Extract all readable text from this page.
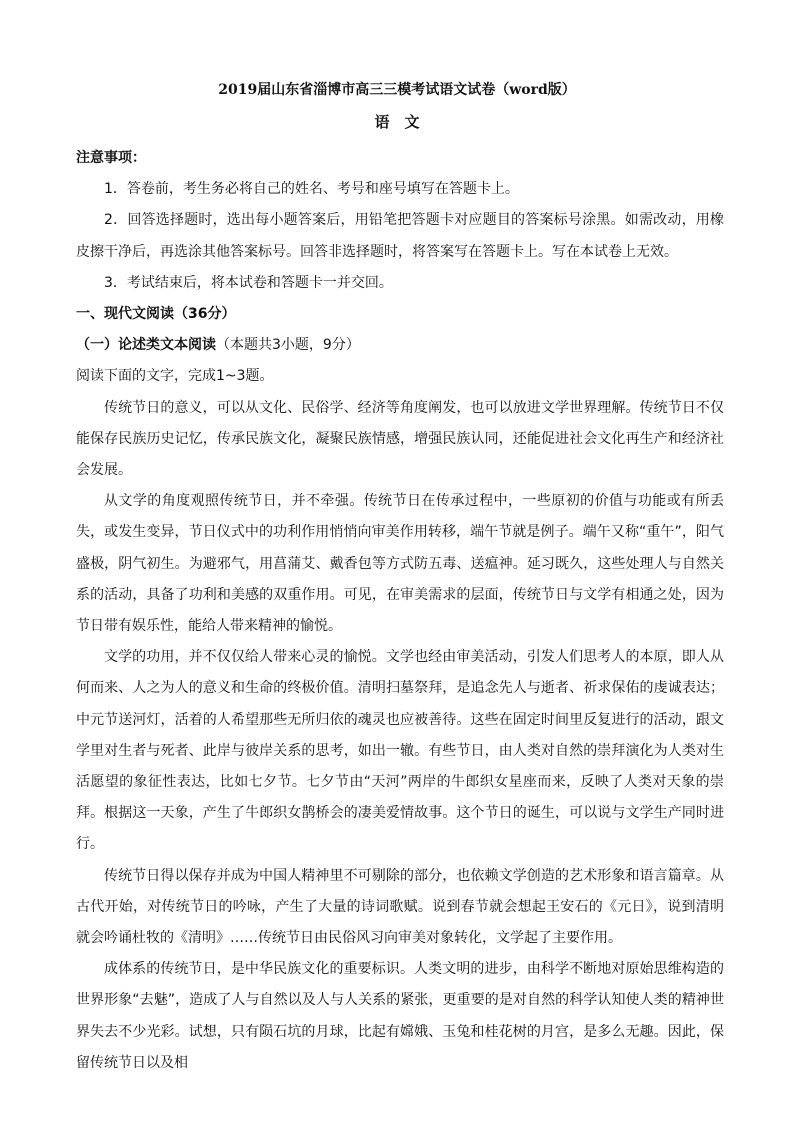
2019届山东省淄博市高三三模考试语文试卷（word版）
语　文

注意事项：

1．答卷前，考生务必将自己的姓名、考号和座号填写在答题卡上。

2．回答选择题时，选出每小题答案后，用铅笔把答题卡对应题目的答案标号涂黑。如需改动，用橡皮擦干净后，再选涂其他答案标号。回答非选择题时，将答案写在答题卡上。写在本试卷上无效。

3．考试结束后，将本试卷和答题卡一并交回。

一、现代文阅读（36分）

（一）论述类文本阅读（本题共3小题，9分）

阅读下面的文字，完成1~3题。

传统节日的意义，可以从文化、民俗学、经济等角度阐发，也可以放进文学世界理解。传统节日不仅能保存民族历史记忆，传承民族文化，凝聚民族情感，增强民族认同，还能促进社会文化再生产和经济社会发展。

从文学的角度观照传统节日，并不牵强。传统节日在传承过程中，一些原初的价值与功能或有所丢失，或发生变异，节日仪式中的功利作用悄悄向审美作用转移，端午节就是例子。端午又称“重午”，阳气盛极，阴气初生。为避邪气，用菖蒲艾、戴香包等方式防五毒、送瘟神。延习既久，这些处理人与自然关系的活动，具备了功利和美感的双重作用。可见，在审美需求的层面，传统节日与文学有相通之处，因为节日带有娱乐性，能给人带来精神的愉悦。

文学的功用，并不仅仅给人带来心灵的愉悦。文学也经由审美活动，引发人们思考人的本原，即人从何而来、人之为人的意义和生命的终极价值。清明扫墓祭拜，是追念先人与逝者、祈求保佑的虔诚表达；中元节送河灯，活着的人希望那些无所归依的魂灵也应被善待。这些在固定时间里反复进行的活动，跟文学里对生者与死者、此岸与彼岸关系的思考，如出一辙。有些节日，由人类对自然的崇拜演化为人类对生活愿望的象征性表达，比如七夕节。七夕节由“天河”两岸的牛郎织女星座而来，反映了人类对天象的崇拜。根据这一天象，产生了牛郎织女鹊桥会的凄美爱情故事。这个节日的诞生，可以说与文学生产同时进行。

传统节日得以保存并成为中国人精神里不可剔除的部分，也依赖文学创造的艺术形象和语言篇章。从古代开始，对传统节日的吟咏，产生了大量的诗词歌赋。说到春节就会想起王安石的《元日》，说到清明就会吟诵杜牧的《清明》……传统节日由民俗风习向审美对象转化，文学起了主要作用。

成体系的传统节日，是中华民族文化的重要标识。人类文明的进步，由科学不断地对原始思维构造的世界形象“去魅”，造成了人与自然以及人与人关系的紧张，更重要的是对自然的科学认知使人类的精神世界失去不少光彩。试想，只有陨石坑的月球，比起有嫦娥、玉兔和桂花树的月宫，是多么无趣。因此，保留传统节日以及相
